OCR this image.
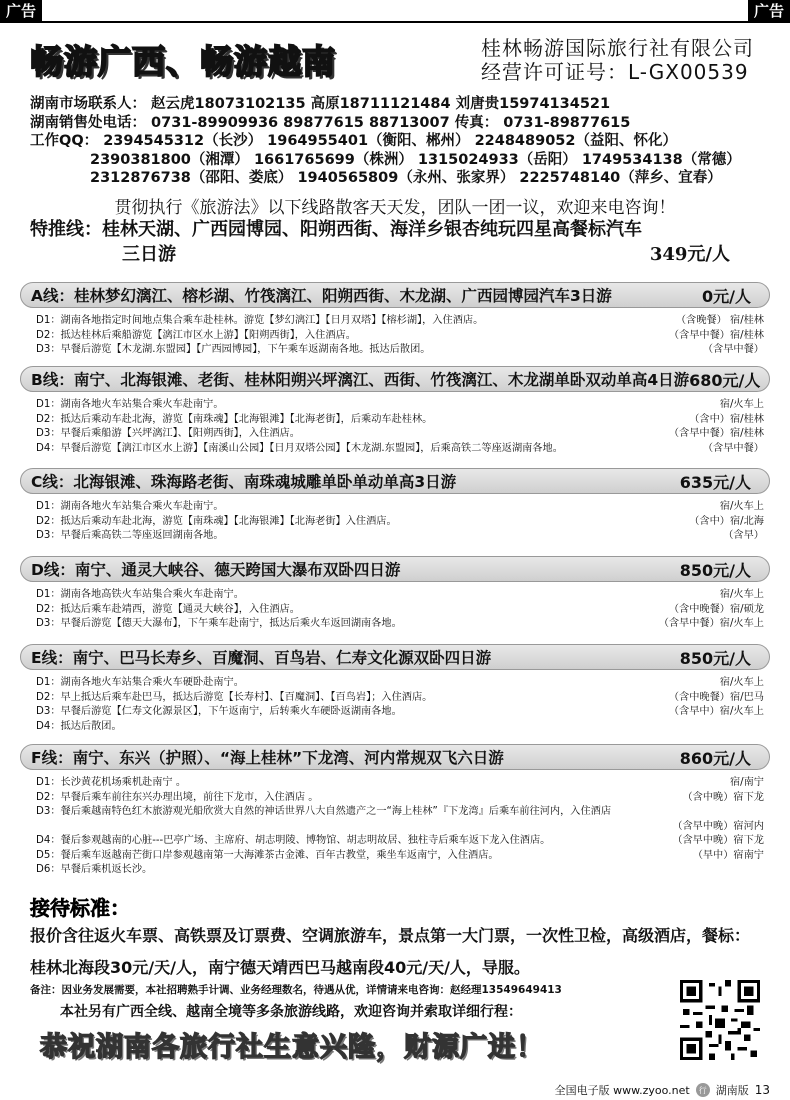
广告	广告
畅游广西、畅游越南	桂林畅游国际旅行社有限公司
经营许可证号：L-GX00539
湖南市场联系人： 赵云虎18073102135 高原18711121484 刘唐贵15974134521
湖南销售处电话： 0731-89909936 89877615 88713007 传真： 0731-89877615
工作QQ： 2394545312（长沙） 1964955401（衡阳、郴州） 2248489052（益阳、怀化）
2390381800（湘潭） 1661765699（株洲） 1315024933（岳阳） 1749534138（常德）
2312876738（邵阳、娄底） 1940565809（永州、张家界） 2225748140（萍乡、宜春）
贯彻执行《旅游法》以下线路散客天天发，团队一团一议，欢迎来电咨询！
特推线：桂林天湖、广西园博园、阳朔西街、海洋乡银杏纯玩四星高餐标汽车
三日游	349元/人
A线：桂林梦幻漓江、榕杉湖、竹筏漓江、阳朔西街、木龙湖、广西园博园汽车3日游	0元/人
D1：湖南各地指定时间地点集合乘车赴桂林。游览【梦幻漓江】【日月双塔】【榕杉湖】，入住酒店。	（含晚餐） 宿/桂林
D2：抵达桂林后乘船游览【漓江市区水上游】【阳朔西街】，入住酒店。	（含早中餐）宿/桂林
D3：早餐后游览【木龙湖.东盟园】【广西园博园】，下午乘车返湖南各地。抵达后散团。	（含早中餐）
B线：南宁、北海银滩、老街、桂林阳朔兴坪漓江、西街、竹筏漓江、木龙湖单卧双动单高4日游 680元/人
D1：湖南各地火车站集合乘火车赴南宁。	宿/火车上
D2：抵达后乘动车赴北海，游览【南珠魂】【北海银滩】【北海老街】，后乘动车赴桂林。	（含中）宿/桂林
D3：早餐后乘船游【兴坪漓江】、【阳朔西街】，入住酒店。	（含早中餐）宿/桂林
D4：早餐后游览【漓江市区水上游】【南溪山公园】【日月双塔公园】【木龙湖.东盟园】，后乘高铁二等座返湖南各地。	（含早中餐）
C线：北海银滩、珠海路老街、南珠魂城雕单卧单动单高3日游	635元/人
D1：湖南各地火车站集合乘火车赴南宁。	宿/火车上
D2：抵达后乘动车赴北海，游览【南珠魂】【北海银滩】【北海老街】入住酒店。	（含中）宿/北海
D3：早餐后乘高铁二等座返回湖南各地。	（含早）
D线：南宁、通灵大峡谷、德天跨国大瀑布双卧四日游	850元/人
D1：湖南各地高铁火车站集合乘火车赴南宁。	宿/火车上
D2：抵达后乘车赴靖西，游览【通灵大峡谷】，入住酒店。	（含中晚餐）宿/硕龙
D3：早餐后游览【德天大瀑布】，下午乘车赴南宁，抵达后乘火车返回湖南各地。	（含早中餐）宿/火车上
E线：南宁、巴马长寿乡、百魔洞、百鸟岩、仁寿文化源双卧四日游	850元/人
D1：湖南各地火车站集合乘火车硬卧赴南宁。	宿/火车上
D2：早上抵达后乘车赴巴马，抵达后游览【长寿村】、【百魔洞】、【百鸟岩】；入住酒店。	（含中晚餐）宿/巴马
D3：早餐后游览【仁寿文化源景区】，下午返南宁，后转乘火车硬卧返湖南各地。	（含早中）宿/火车上
D4：抵达后散团。
F线：南宁、东兴（护照）、“海上桂林”下龙湾、河内常规双飞六日游	860元/人
D1：长沙黄花机场乘机赴南宁 。	宿/南宁
D2：早餐后乘车前往东兴办理出境，前往下龙市，入住酒店 。	（含中晚）宿下龙
D3：餐后乘越南特色红木旅游观光船欣赏大自然的神话世界八大自然遗产之一“海上桂林”『下龙湾』后乘车前往河内，入住酒店
（含早中晚）宿河内
D4：餐后参观越南的心脏---巴亭广场、主席府、胡志明陵、博物馆、胡志明故居、独柱寺后乘车返下龙入住酒店。	（含早中晚）宿下龙
D5：餐后乘车返越南芒街口岸参观越南第一大海滩茶古金滩、百年古教堂，乘坐车返南宁，入住酒店。	（早中）宿南宁
D6：早餐后乘机返长沙。
接待标准：
报价含往返火车票、高铁票及订票费、空调旅游车，景点第一大门票，一次性卫检，高级酒店，餐标：桂林北海段30元/天/人，南宁德天靖西巴马越南段40元/天/人，导服。
备注：因业务发展需要，本社招聘熟手计调、业务经理数名，待遇从优，详情请来电咨询：赵经理13549649413
本社另有广西全线、越南全境等多条旅游线路，欢迎咨询并索取详细行程：
恭祝湖南各旅行社生意兴隆，财源广进！
全国电子版 www.zyoo.net	行 湖南版 13
